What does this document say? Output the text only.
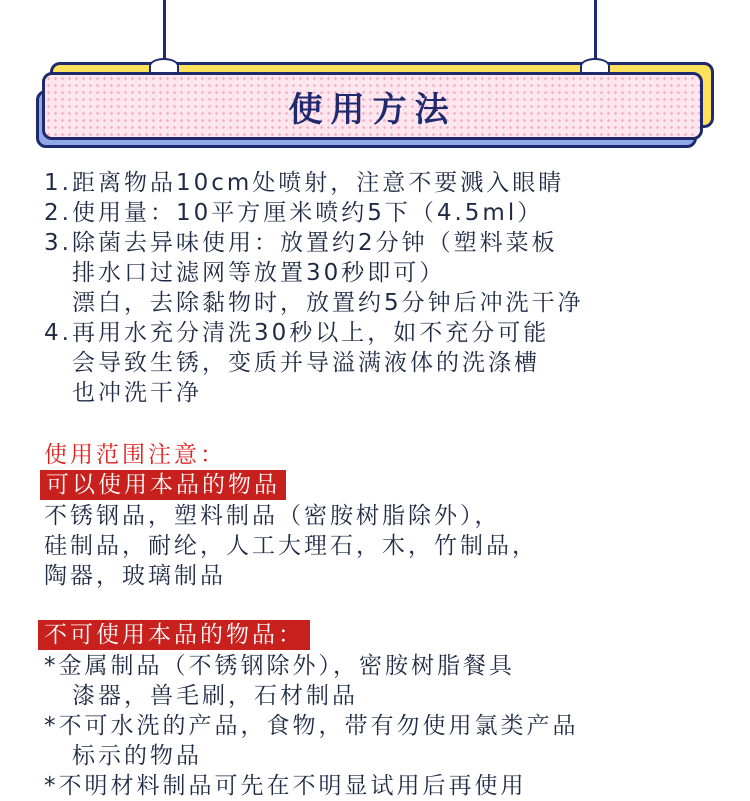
使用方法
1.距离物品10cm处喷射，注意不要溅入眼睛
2.使用量：10平方厘米喷约5下（4.5ml）
3.除菌去异味使用：放置约2分钟（塑料菜板
排水口过滤网等放置30秒即可）
漂白，去除黏物时，放置约5分钟后冲洗干净
4.再用水充分清洗30秒以上，如不充分可能
会导致生锈，变质并导溢满液体的洗涤槽
也冲洗干净
使用范围注意：
可以使用本品的物品
不锈钢品，塑料制品（密胺树脂除外），
硅制品，耐纶，人工大理石，木，竹制品，
陶器，玻璃制品
不可使用本品的物品：
*金属制品（不锈钢除外），密胺树脂餐具
漆器，兽毛刷，石材制品
*不可水洗的产品，食物，带有勿使用氯类产品
标示的物品
*不明材料制品可先在不明显试用后再使用
